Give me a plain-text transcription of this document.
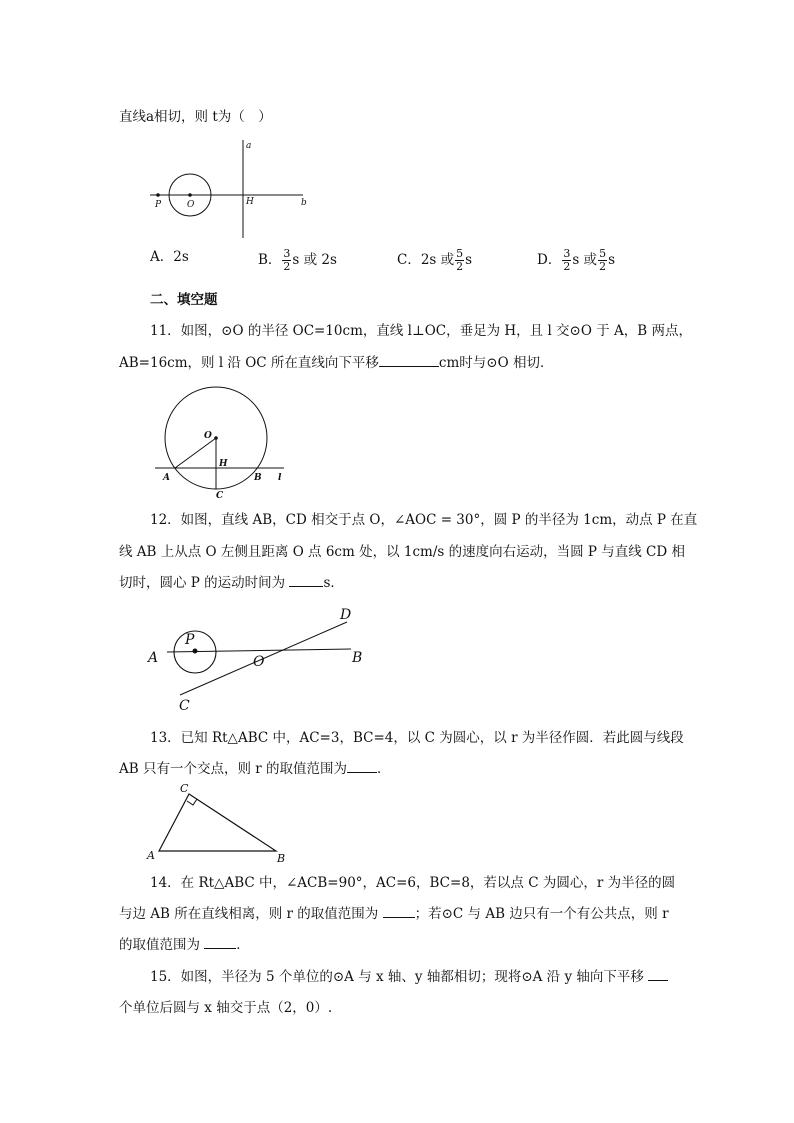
直线a相切，则 t为（　）
a
b
P	O	H
A．2s	B． $\frac{3}{2}$ s 或 2s	C．2s 或 $\frac{5}{2}$ s	D． $\frac{3}{2}$ s 或 $\frac{5}{2}$ s
二、填空题
11．如图，⊙O 的半径 OC=10cm，直线 l⊥OC，垂足为 H，且 l 交⊙O 于 A，B 两点，
AB=16cm，则 l 沿 OC 所在直线向下平移	cm时与⊙O 相切．
O
H
A	B
C
l
12．如图，直线 AB，CD 相交于点 O，∠AOC = 30°，圆 P 的半径为 1cm，动点 P 在直
线 AB 上从点 O 左侧且距离 O 点 6cm 处，以 1cm/s 的速度向右运动，当圆 P 与直线 CD 相
切时，圆心 P 的运动时间为	s．
A	B
C
D
O
P
13．已知 Rt△ABC 中，AC=3，BC=4，以 C 为圆心，以 r 为半径作圆．若此圆与线段
AB 只有一个交点，则 r 的取值范围为 ．
A	B
C
14．在 Rt△ABC 中，∠ACB=90°，AC=6，BC=8，若以点 C 为圆心，r 为半径的圆
与边 AB 所在直线相离，则 r 的取值范围为	；若⊙C 与 AB 边只有一个有公共点，则 r
的取值范围为	．
15．如图，半径为 5 个单位的⊙A 与 x 轴、y 轴都相切；现将⊙A 沿 y 轴向下平移
个单位后圆与 x 轴交于点（2，0）.
